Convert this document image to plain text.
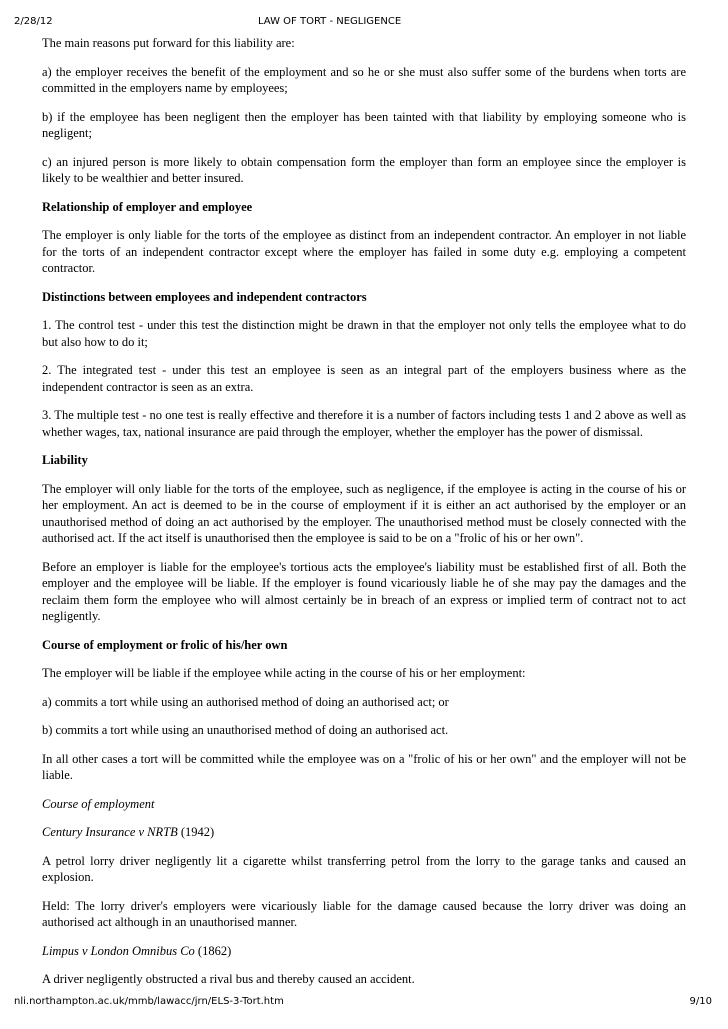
2/28/12	LAW OF TORT - NEGLIGENCE

The main reasons put forward for this liability are:

a) the employer receives the benefit of the employment and so he or she must also suffer some of the burdens when torts are committed in the employers name by employees;

b) if the employee has been negligent then the employer has been tainted with that liability by employing someone who is negligent;

c) an injured person is more likely to obtain compensation form the employer than form an employee since the employer is likely to be wealthier and better insured.

Relationship of employer and employee

The employer is only liable for the torts of the employee as distinct from an independent contractor. An employer in not liable for the torts of an independent contractor except where the employer has failed in some duty e.g. employing a competent contractor.

Distinctions between employees and independent contractors

1. The control test - under this test the distinction might be drawn in that the employer not only tells the employee what to do but also how to do it;

2. The integrated test - under this test an employee is seen as an integral part of the employers business where as the independent contractor is seen as an extra.

3. The multiple test - no one test is really effective and therefore it is a number of factors including tests 1 and 2 above as well as whether wages, tax, national insurance are paid through the employer, whether the employer has the power of dismissal.

Liability

The employer will only liable for the torts of the employee, such as negligence, if the employee is acting in the course of his or her employment. An act is deemed to be in the course of employment if it is either an act authorised by the employer or an unauthorised method of doing an act authorised by the employer. The unauthorised method must be closely connected with the authorised act. If the act itself is unauthorised then the employee is said to be on a "frolic of his or her own".

Before an employer is liable for the employee's tortious acts the employee's liability must be established first of all. Both the employer and the employee will be liable. If the employer is found vicariously liable he of she may pay the damages and the reclaim them form the employee who will almost certainly be in breach of an express or implied term of contract not to act negligently.

Course of employment or frolic of his/her own

The employer will be liable if the employee while acting in the course of his or her employment:

a) commits a tort while using an authorised method of doing an authorised act; or

b) commits a tort while using an unauthorised method of doing an authorised act.

In all other cases a tort will be committed while the employee was on a "frolic of his or her own" and the employer will not be liable.

Course of employment

Century Insurance v NRTB (1942)

A petrol lorry driver negligently lit a cigarette whilst transferring petrol from the lorry to the garage tanks and caused an explosion.

Held: The lorry driver's employers were vicariously liable for the damage caused because the lorry driver was doing an authorised act although in an unauthorised manner.

Limpus v London Omnibus Co (1862)

A driver negligently obstructed a rival bus and thereby caused an accident.

nli.northampton.ac.uk/mmb/lawacc/jrn/ELS-3-Tort.htm	9/10
